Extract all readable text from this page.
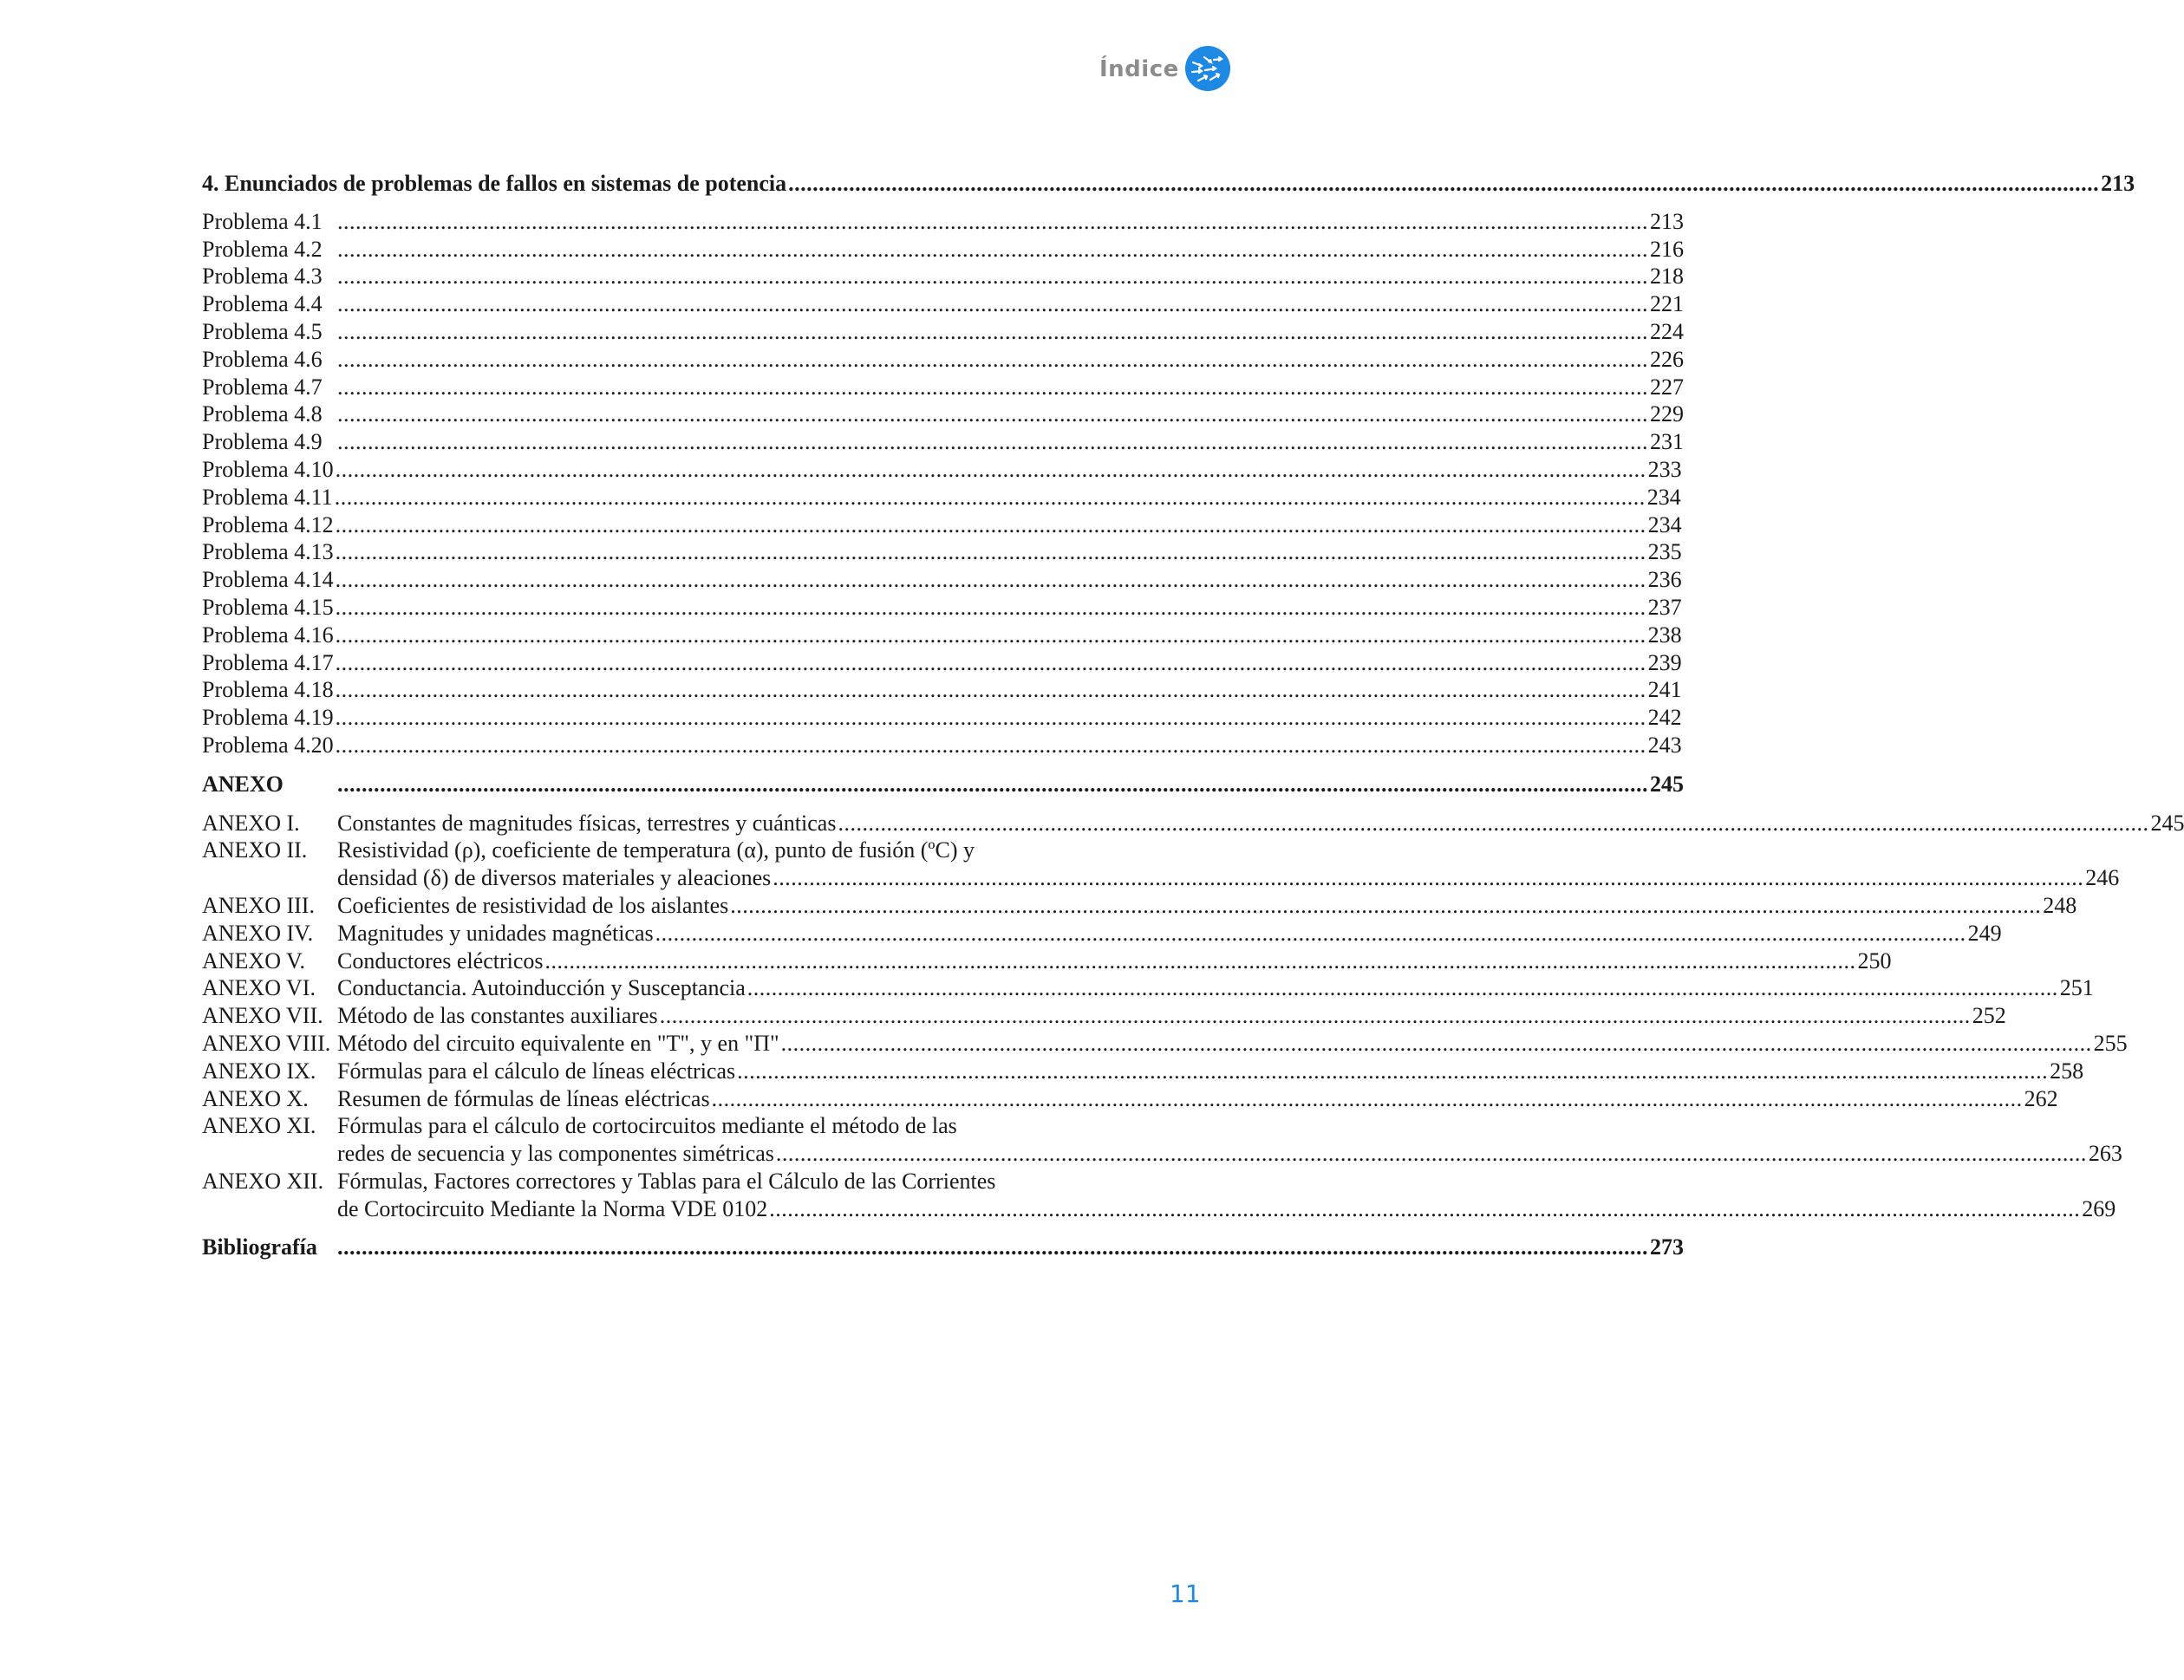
Índice
4. Enunciados de problemas de fallos en sistemas de potencia .....	213
Problema 4.1 .....	213
Problema 4.2 .....	216
Problema 4.3 .....	218
Problema 4.4 .....	221
Problema 4.5 .....	224
Problema 4.6 .....	226
Problema 4.7 .....	227
Problema 4.8 .....	229
Problema 4.9 .....	231
Problema 4.10 .....	233
Problema 4.11 .....	234
Problema 4.12 .....	234
Problema 4.13 .....	235
Problema 4.14 .....	236
Problema 4.15 .....	237
Problema 4.16 .....	238
Problema 4.17 .....	239
Problema 4.18 .....	241
Problema 4.19 .....	242
Problema 4.20 .....	243
ANEXO .....	245
ANEXO I.	Constantes de magnitudes físicas, terrestres y cuánticas .....	245
ANEXO II.	Resistividad (ρ), coeficiente de temperatura (α), punto de fusión (ºC) y
densidad (δ) de diversos materiales y aleaciones .....	246
ANEXO III.	Coeficientes de resistividad de los aislantes .....	248
ANEXO IV.	Magnitudes y unidades magnéticas .....	249
ANEXO V.	Conductores eléctricos .....	250
ANEXO VI. Conductancia. Autoinducción y Susceptancia .....	251
ANEXO VII. Método de las constantes auxiliares .....	252
ANEXO VIII. Método del circuito equivalente en "T", y en "Π" .....	255
ANEXO IX. Fórmulas para el cálculo de líneas eléctricas .....	258
ANEXO X.	Resumen de fórmulas de líneas eléctricas .....	262
ANEXO XI. Fórmulas para el cálculo de cortocircuitos mediante el método de las
redes de secuencia y las componentes simétricas .....	263
ANEXO XII. Fórmulas, Factores correctores y Tablas para el Cálculo de las Corrientes
de Cortocircuito Mediante la Norma VDE 0102 .....	269
Bibliografía .....	273
11
